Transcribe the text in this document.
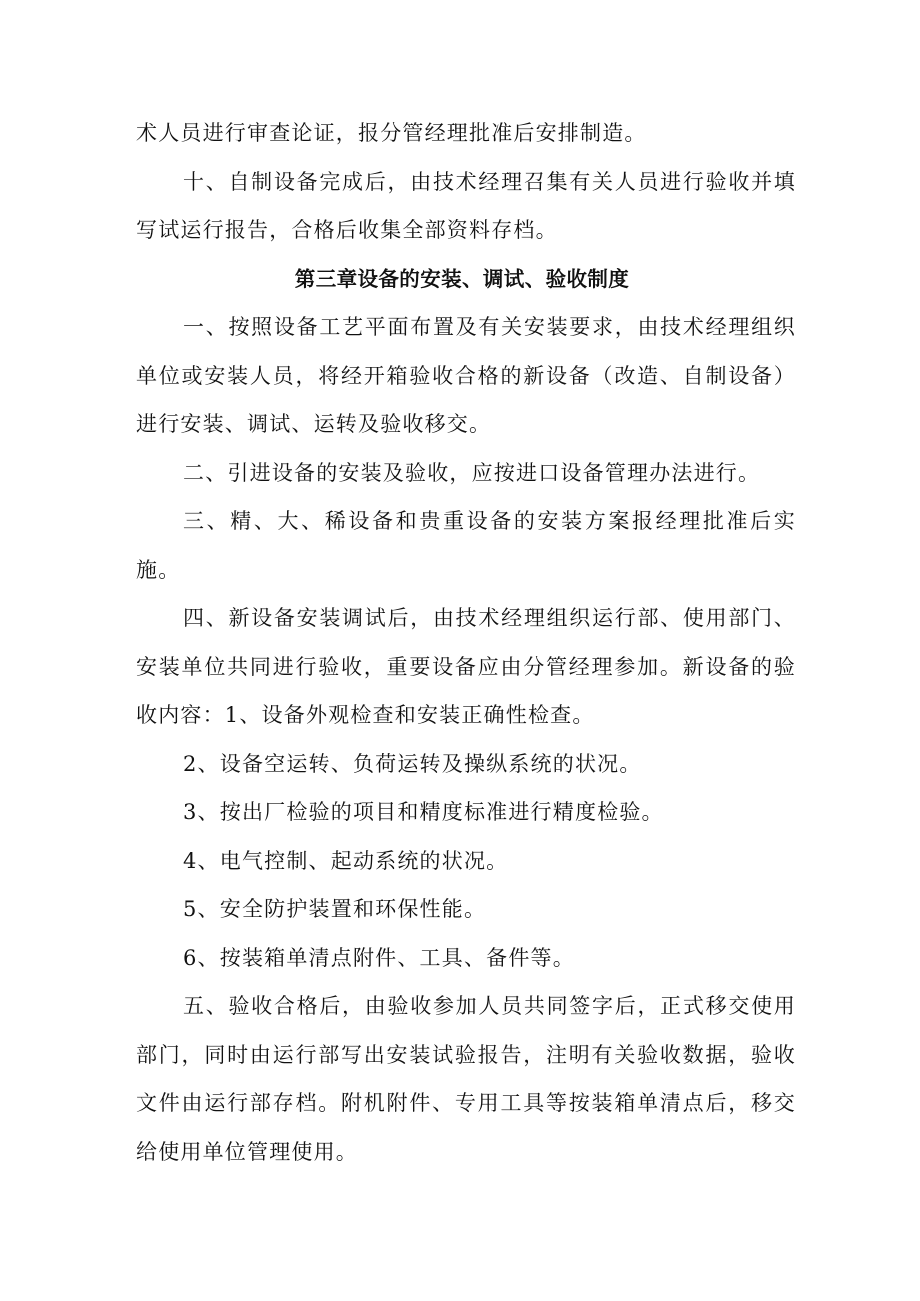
术人员进行审查论证，报分管经理批准后安排制造。

十、自制设备完成后，由技术经理召集有关人员进行验收并填写试运行报告，合格后收集全部资料存档。

第三章设备的安装、调试、验收制度

一、按照设备工艺平面布置及有关安装要求，由技术经理组织单位或安装人员，将经开箱验收合格的新设备（改造、自制设备）进行安装、调试、运转及验收移交。

二、引进设备的安装及验收，应按进口设备管理办法进行。

三、精、大、稀设备和贵重设备的安装方案报经理批准后实施。

四、新设备安装调试后，由技术经理组织运行部、使用部门、安装单位共同进行验收，重要设备应由分管经理参加。新设备的验收内容：1、设备外观检查和安装正确性检查。

2、设备空运转、负荷运转及操纵系统的状况。

3、按出厂检验的项目和精度标准进行精度检验。

4、电气控制、起动系统的状况。

5、安全防护装置和环保性能。

6、按装箱单清点附件、工具、备件等。

五、验收合格后，由验收参加人员共同签字后，正式移交使用部门，同时由运行部写出安装试验报告，注明有关验收数据，验收文件由运行部存档。附机附件、专用工具等按装箱单清点后，移交给使用单位管理使用。
